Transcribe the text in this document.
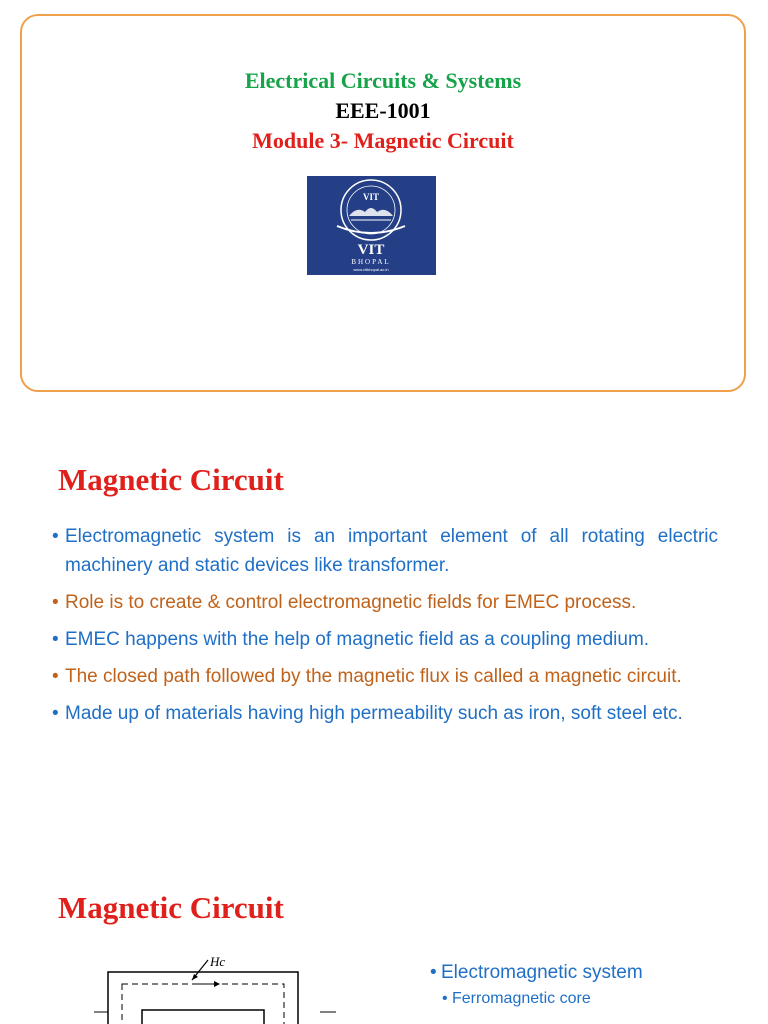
Electrical Circuits & Systems
EEE-1001
Module 3- Magnetic Circuit
VIT
VIT
BHOPAL
www.vitbhopal.ac.in
Magnetic Circuit
• Electromagnetic system is an important element of all rotating electric machinery and static devices like transformer.
• Role is to create & control electromagnetic fields for EMEC process.
• EMEC happens with the help of magnetic field as a coupling medium.
• The closed path followed by the magnetic flux is called a magnetic circuit.
• Made up of materials having high permeability such as iron, soft steel etc.
Magnetic Circuit
Hc
• Electromagnetic system
• Ferromagnetic core
